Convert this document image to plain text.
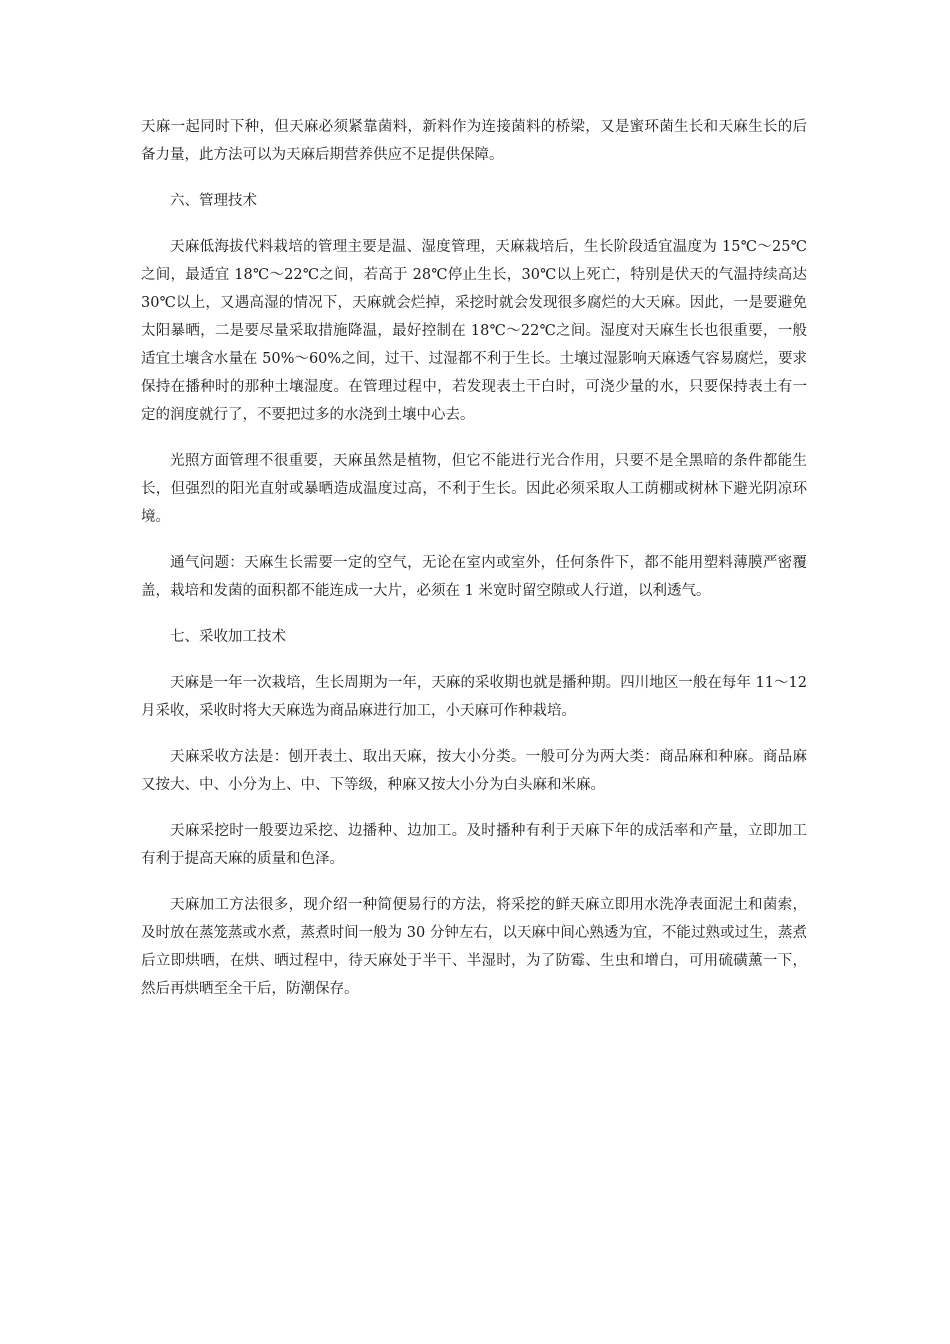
天麻一起同时下种，但天麻必须紧靠菌料，新料作为连接菌料的桥梁，又是蜜环菌生长和天麻生长的后备力量，此方法可以为天麻后期营养供应不足提供保障。

六、管理技术

天麻低海拔代料栽培的管理主要是温、湿度管理，天麻栽培后，生长阶段适宜温度为 15℃～25℃之间，最适宜 18℃～22℃之间，若高于 28℃停止生长，30℃以上死亡，特别是伏天的气温持续高达 30℃以上，又遇高湿的情况下，天麻就会烂掉，采挖时就会发现很多腐烂的大天麻。因此，一是要避免太阳暴晒，二是要尽量采取措施降温，最好控制在 18℃～22℃之间。湿度对天麻生长也很重要，一般适宜土壤含水量在 50%～60%之间，过干、过湿都不利于生长。土壤过湿影响天麻透气容易腐烂，要求保持在播种时的那种土壤湿度。在管理过程中，若发现表土干白时，可浇少量的水，只要保持表土有一定的润度就行了，不要把过多的水浇到土壤中心去。

光照方面管理不很重要，天麻虽然是植物，但它不能进行光合作用，只要不是全黑暗的条件都能生长，但强烈的阳光直射或暴晒造成温度过高，不利于生长。因此必须采取人工荫棚或树林下避光阴凉环境。

通气问题：天麻生长需要一定的空气，无论在室内或室外，任何条件下，都不能用塑料薄膜严密覆盖，栽培和发菌的面积都不能连成一大片，必须在 1 米宽时留空隙或人行道，以利透气。

七、采收加工技术

天麻是一年一次栽培，生长周期为一年，天麻的采收期也就是播种期。四川地区一般在每年 11～12 月采收，采收时将大天麻选为商品麻进行加工，小天麻可作种栽培。

天麻采收方法是：刨开表土、取出天麻，按大小分类。一般可分为两大类：商品麻和种麻。商品麻又按大、中、小分为上、中、下等级，种麻又按大小分为白头麻和米麻。

天麻采挖时一般要边采挖、边播种、边加工。及时播种有利于天麻下年的成活率和产量，立即加工有利于提高天麻的质量和色泽。

天麻加工方法很多，现介绍一种简便易行的方法，将采挖的鲜天麻立即用水洗净表面泥土和菌索，及时放在蒸笼蒸或水煮，蒸煮时间一般为 30 分钟左右，以天麻中间心熟透为宜，不能过熟或过生，蒸煮后立即烘晒，在烘、晒过程中，待天麻处于半干、半湿时，为了防霉、生虫和增白，可用硫磺薰一下，然后再烘晒至全干后，防潮保存。
